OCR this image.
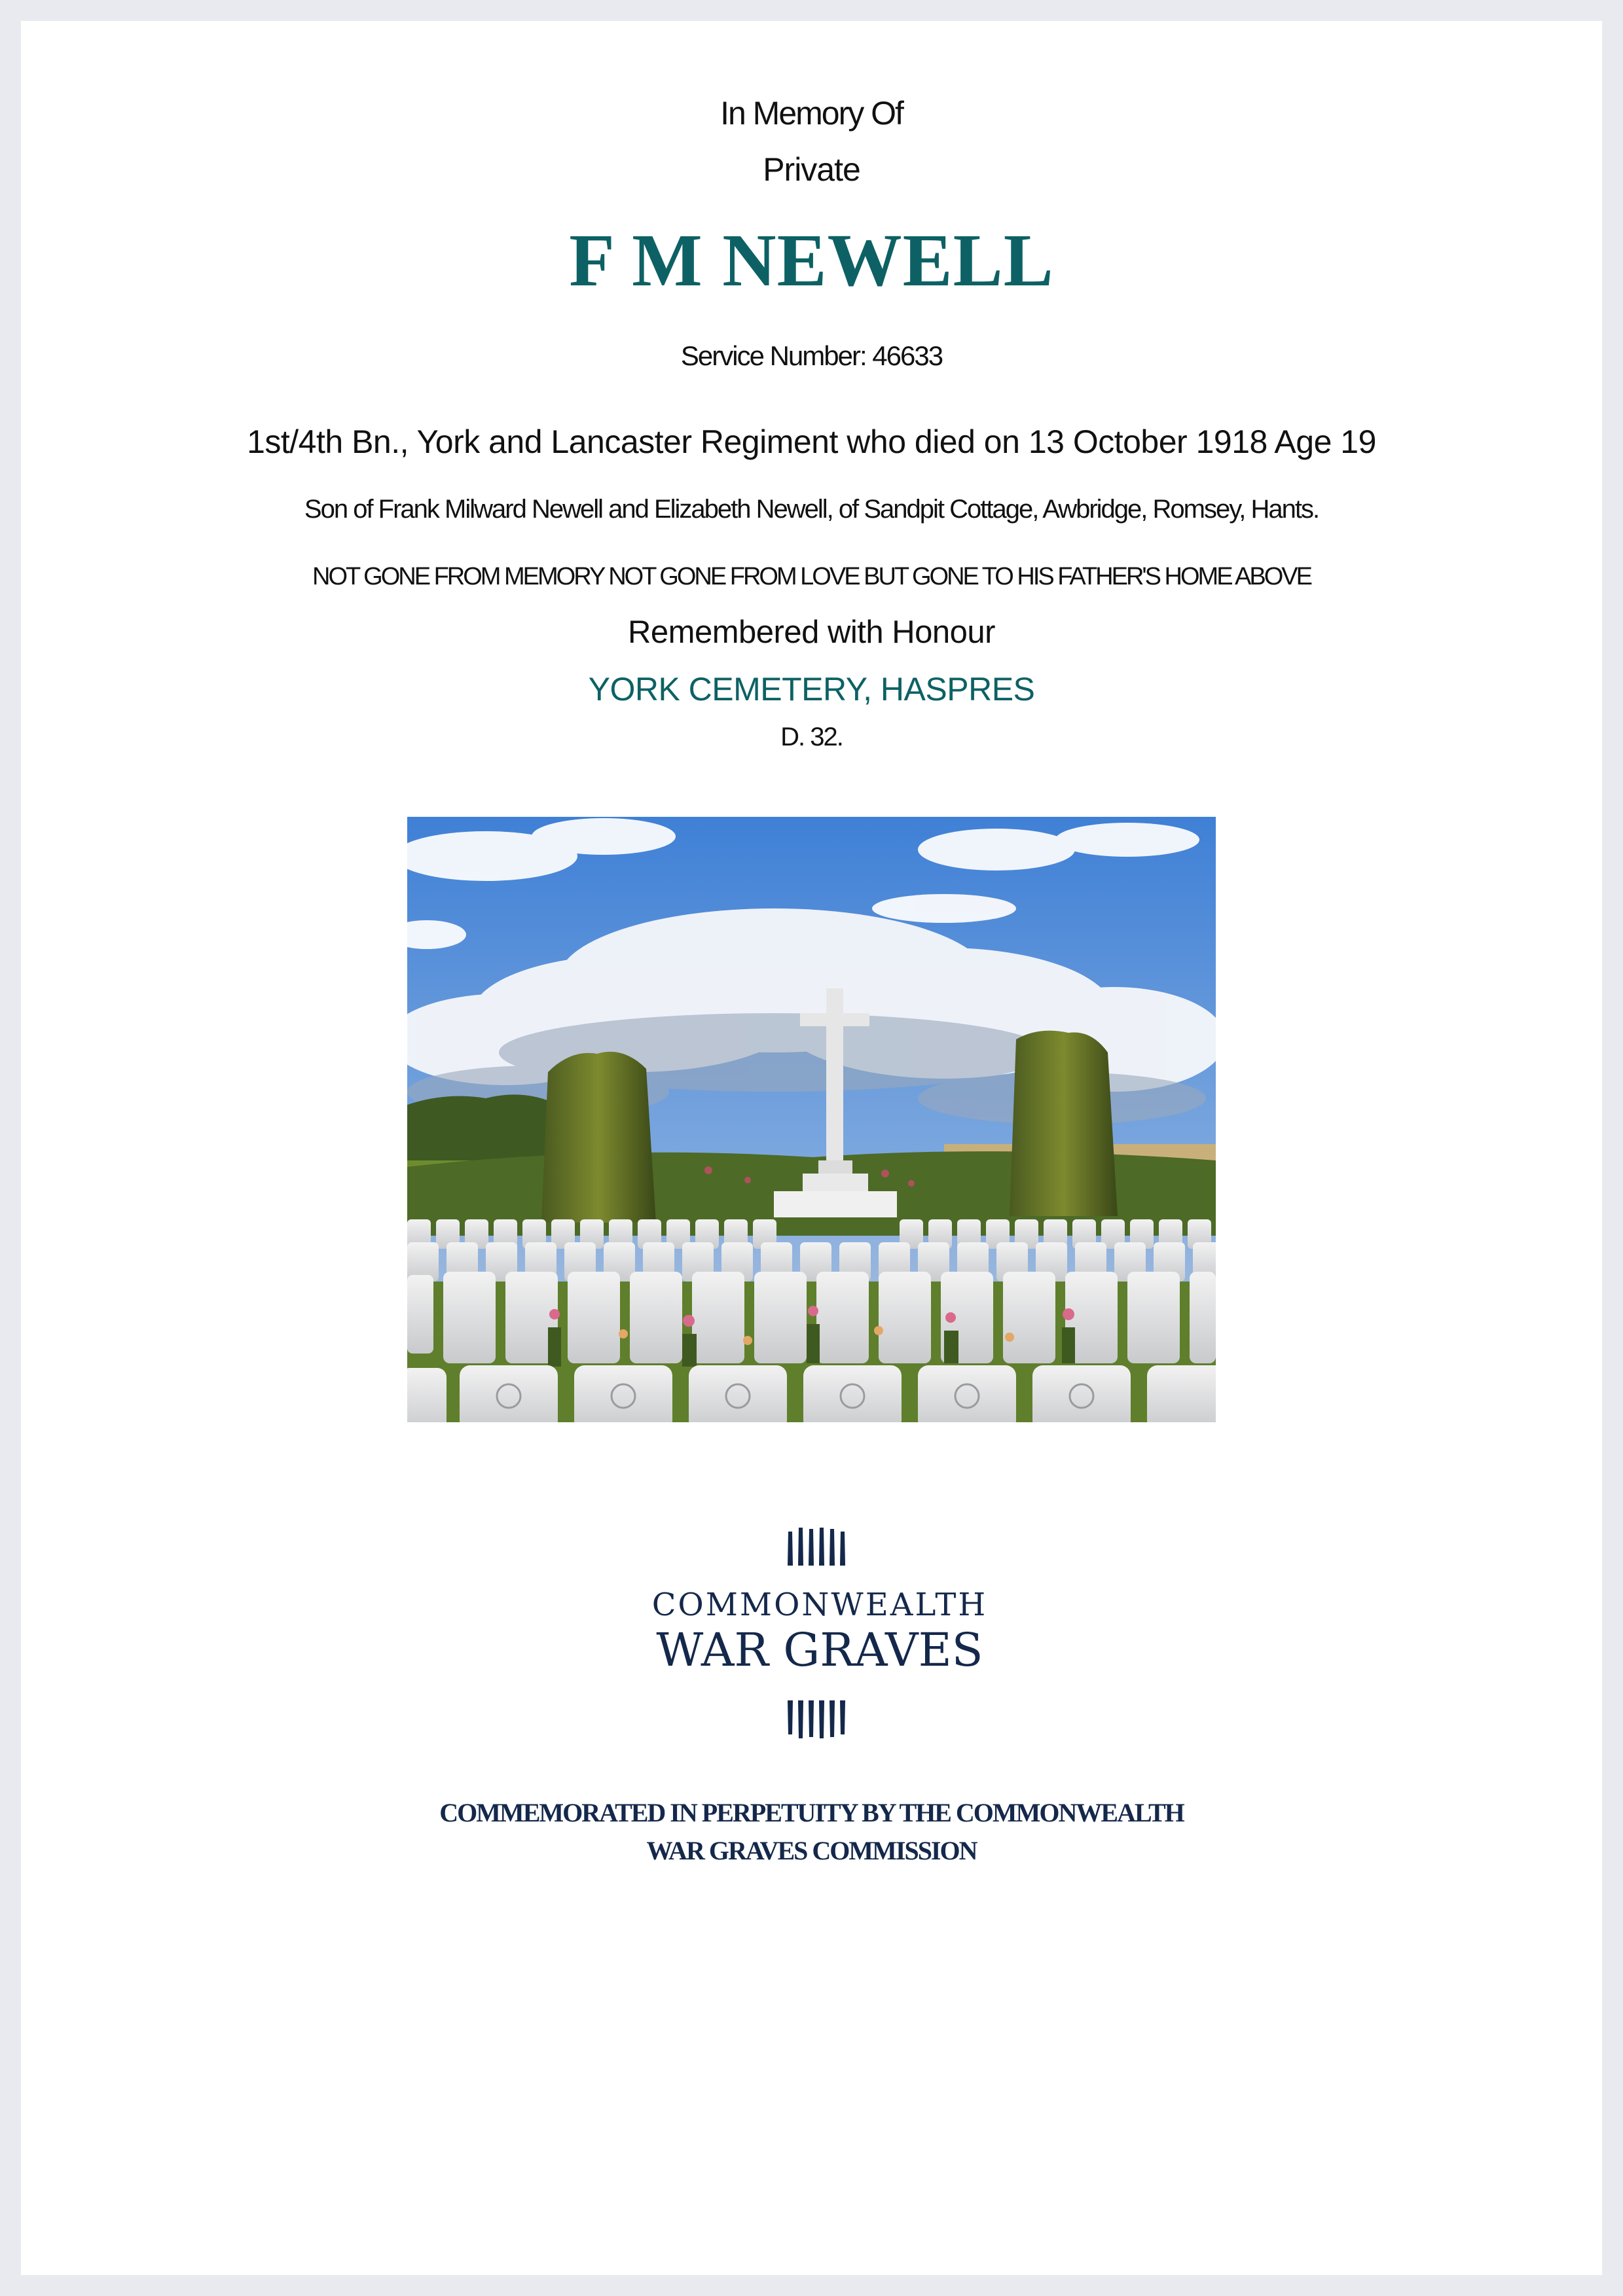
In Memory Of
Private
F M NEWELL
Service Number: 46633
1st/4th Bn., York and Lancaster Regiment who died on 13 October 1918 Age 19
Son of Frank Milward Newell and Elizabeth Newell, of Sandpit Cottage, Awbridge, Romsey, Hants.
NOT GONE FROM MEMORY NOT GONE FROM LOVE BUT GONE TO HIS FATHER'S HOME ABOVE
Remembered with Honour
YORK CEMETERY, HASPRES
D. 32.
COMMONWEALTH
WAR GRAVES
COMMEMORATED IN PERPETUITY BY THE COMMONWEALTH
WAR GRAVES COMMISSION
